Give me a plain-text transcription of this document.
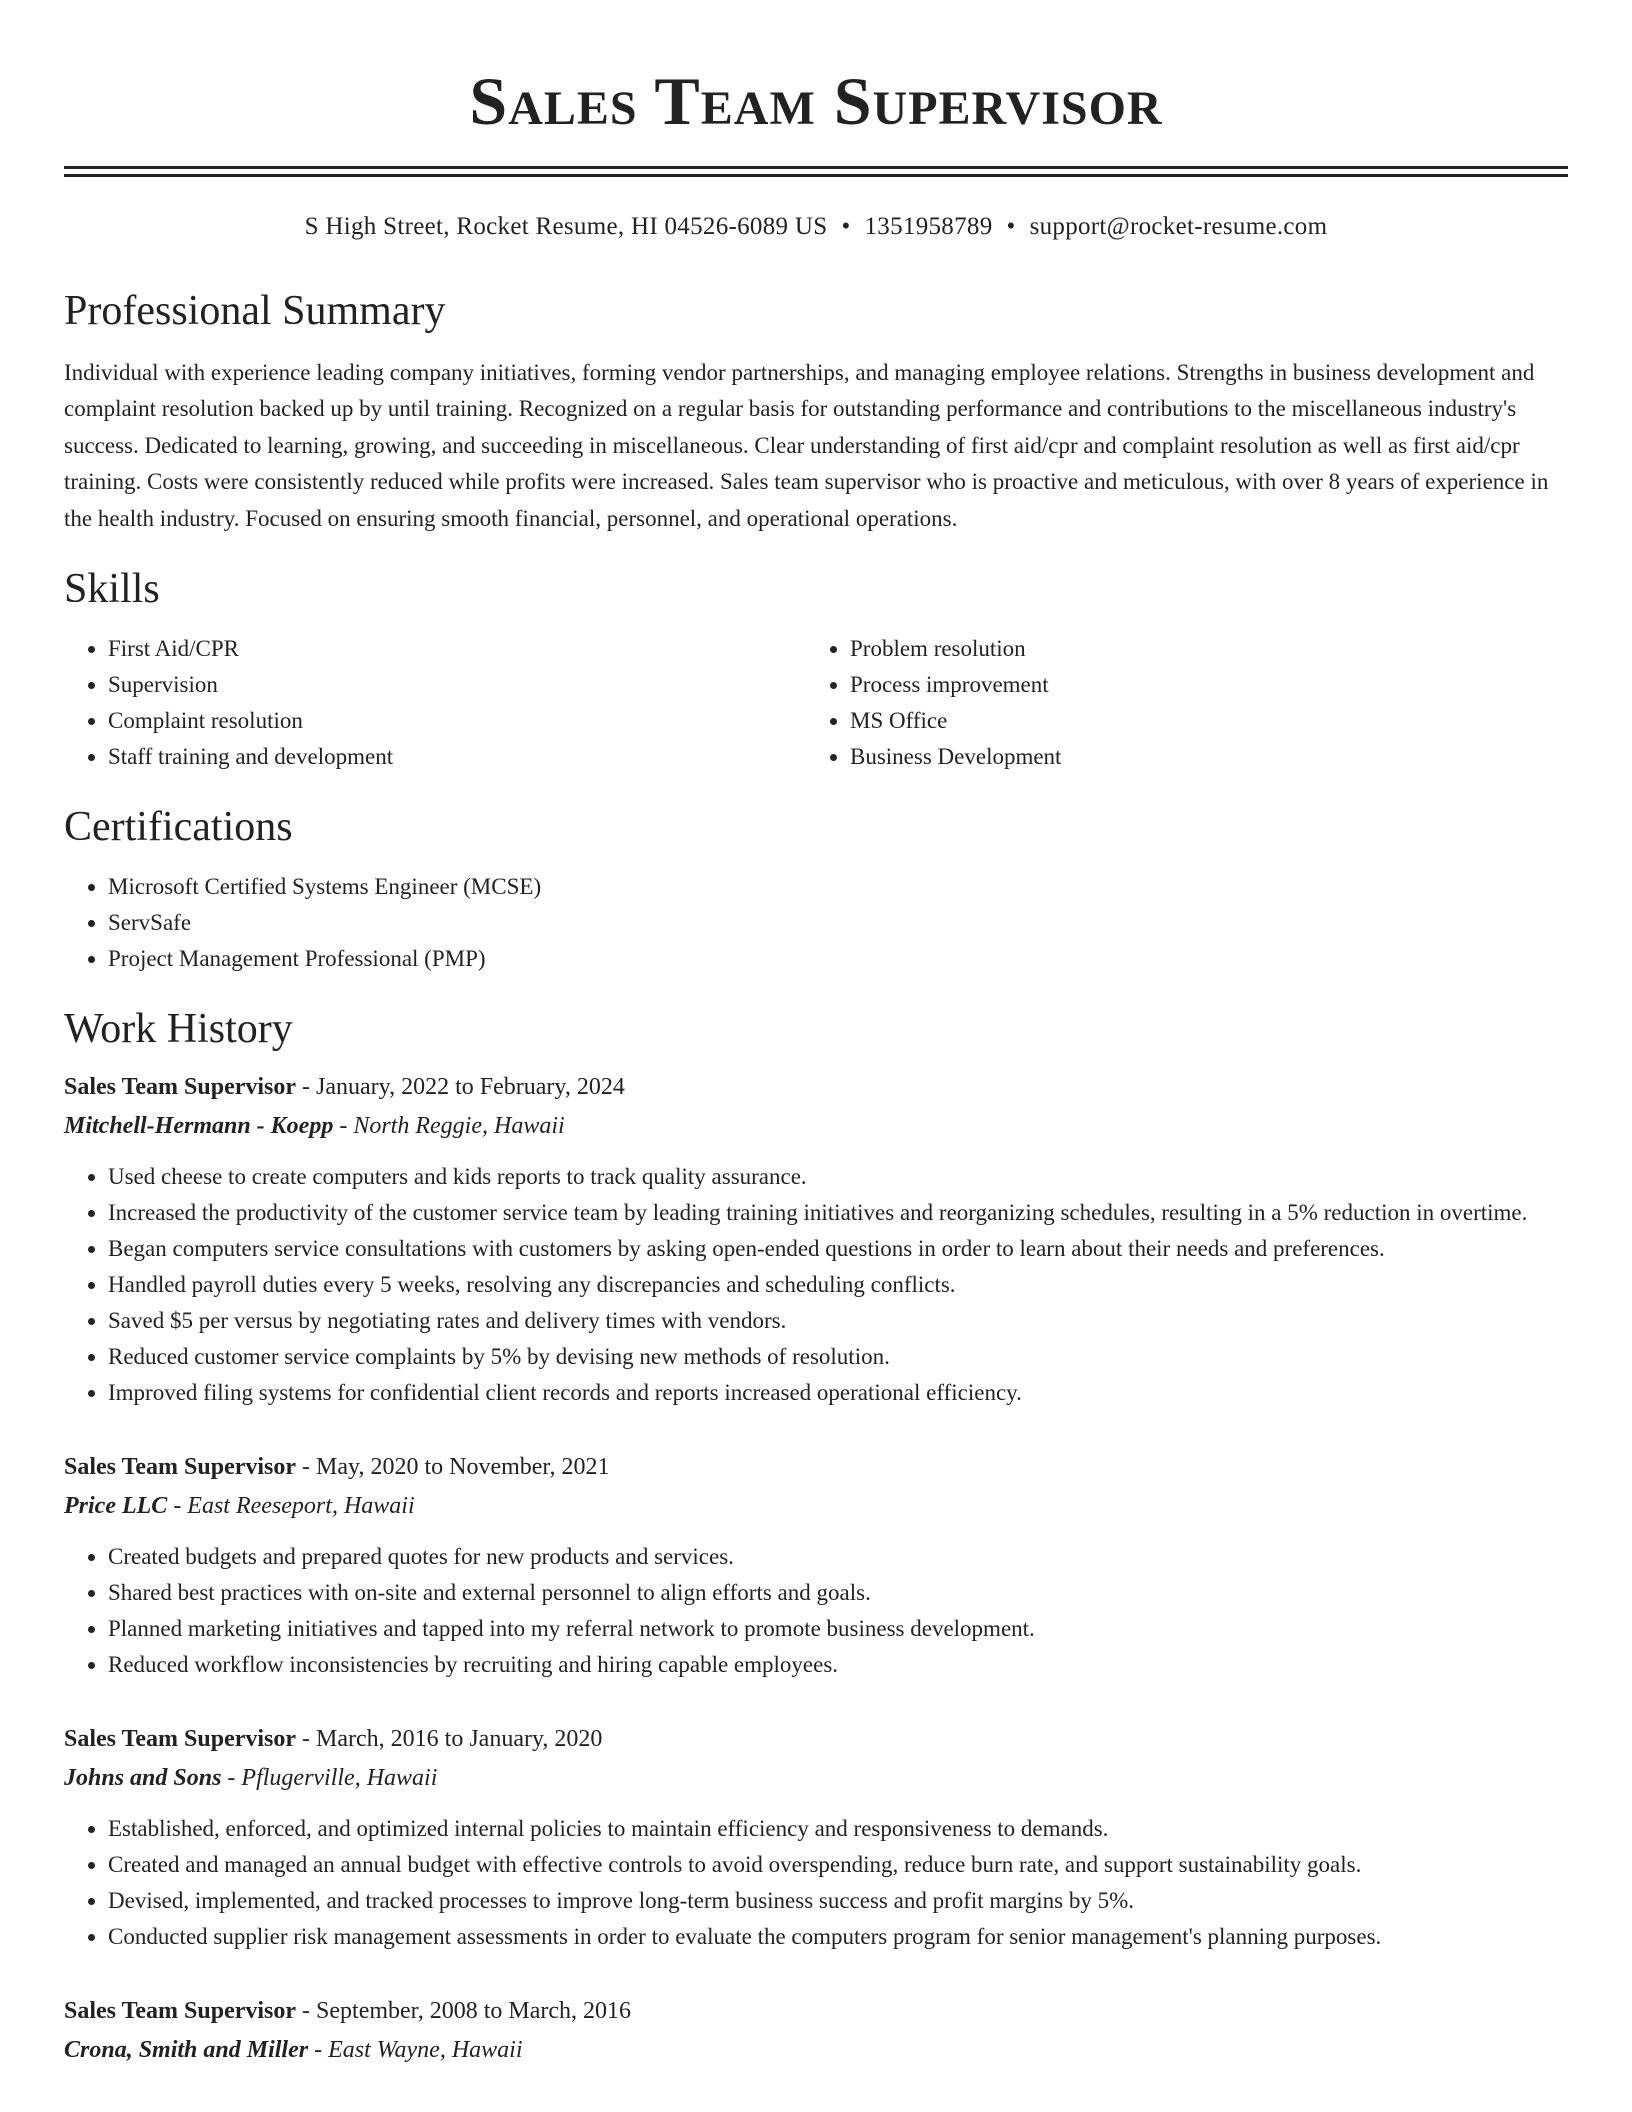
Sales Team Supervisor
S High Street, Rocket Resume, HI 04526-6089 US • 1351958789 • support@rocket-resume.com
Professional Summary
Individual with experience leading company initiatives, forming vendor partnerships, and managing employee relations. Strengths in business development and complaint resolution backed up by until training. Recognized on a regular basis for outstanding performance and contributions to the miscellaneous industry's success. Dedicated to learning, growing, and succeeding in miscellaneous. Clear understanding of first aid/cpr and complaint resolution as well as first aid/cpr training. Costs were consistently reduced while profits were increased. Sales team supervisor who is proactive and meticulous, with over 8 years of experience in the health industry. Focused on ensuring smooth financial, personnel, and operational operations.
Skills
• First Aid/CPR
• Supervision
• Complaint resolution
• Staff training and development
• Problem resolution
• Process improvement
• MS Office
• Business Development
Certifications
• Microsoft Certified Systems Engineer (MCSE)
• ServSafe
• Project Management Professional (PMP)
Work History
Sales Team Supervisor - January, 2022 to February, 2024
Mitchell-Hermann - Koepp - North Reggie, Hawaii
• Used cheese to create computers and kids reports to track quality assurance.
• Increased the productivity of the customer service team by leading training initiatives and reorganizing schedules, resulting in a 5% reduction in overtime.
• Began computers service consultations with customers by asking open-ended questions in order to learn about their needs and preferences.
• Handled payroll duties every 5 weeks, resolving any discrepancies and scheduling conflicts.
• Saved $5 per versus by negotiating rates and delivery times with vendors.
• Reduced customer service complaints by 5% by devising new methods of resolution.
• Improved filing systems for confidential client records and reports increased operational efficiency.
Sales Team Supervisor - May, 2020 to November, 2021
Price LLC - East Reeseport, Hawaii
• Created budgets and prepared quotes for new products and services.
• Shared best practices with on-site and external personnel to align efforts and goals.
• Planned marketing initiatives and tapped into my referral network to promote business development.
• Reduced workflow inconsistencies by recruiting and hiring capable employees.
Sales Team Supervisor - March, 2016 to January, 2020
Johns and Sons - Pflugerville, Hawaii
• Established, enforced, and optimized internal policies to maintain efficiency and responsiveness to demands.
• Created and managed an annual budget with effective controls to avoid overspending, reduce burn rate, and support sustainability goals.
• Devised, implemented, and tracked processes to improve long-term business success and profit margins by 5%.
• Conducted supplier risk management assessments in order to evaluate the computers program for senior management's planning purposes.
Sales Team Supervisor - September, 2008 to March, 2016
Crona, Smith and Miller - East Wayne, Hawaii
